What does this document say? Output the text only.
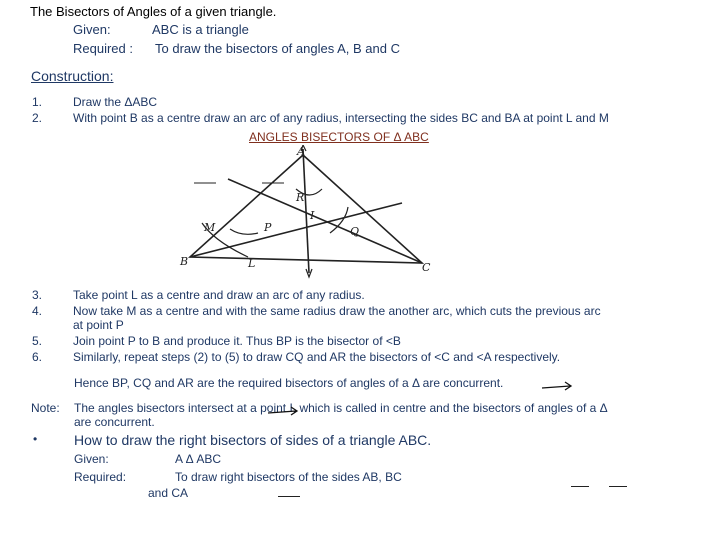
The Bisectors of Angles of a given triangle.
Given:	ABC is a triangle
Required : To draw the bisectors of angles A, B and C
Construction:
1.	Draw the ΔABC
2.	With point B as a centre draw an arc of any radius, intersecting the sides BC and BA at point L and M
ANGLES BISECTORS OF Δ ABC
A
B	C
L
M	P	Q
R
I
3.	Take point L as a centre and draw an arc of any radius.
4.	Now take M as a centre and with the same radius draw the another arc, which cuts the previous arc
at point P
5.	Join point P to B and produce it. Thus BP is the bisector of <B
6.	Similarly, repeat steps (2) to (5) to draw CQ and AR the bisectors of <C and <A respectively.
Hence BP, CQ and AR are the required bisectors of angles of a Δ are concurrent.
Note: The angles bisectors intersect at a point I, which is called in centre and the bisectors of angles of a Δ
are concurrent.
•	How to draw the right bisectors of sides of a triangle ABC.
Given:	A Δ ABC
Required:	To draw right bisectors of the sides AB, BC
and CA
